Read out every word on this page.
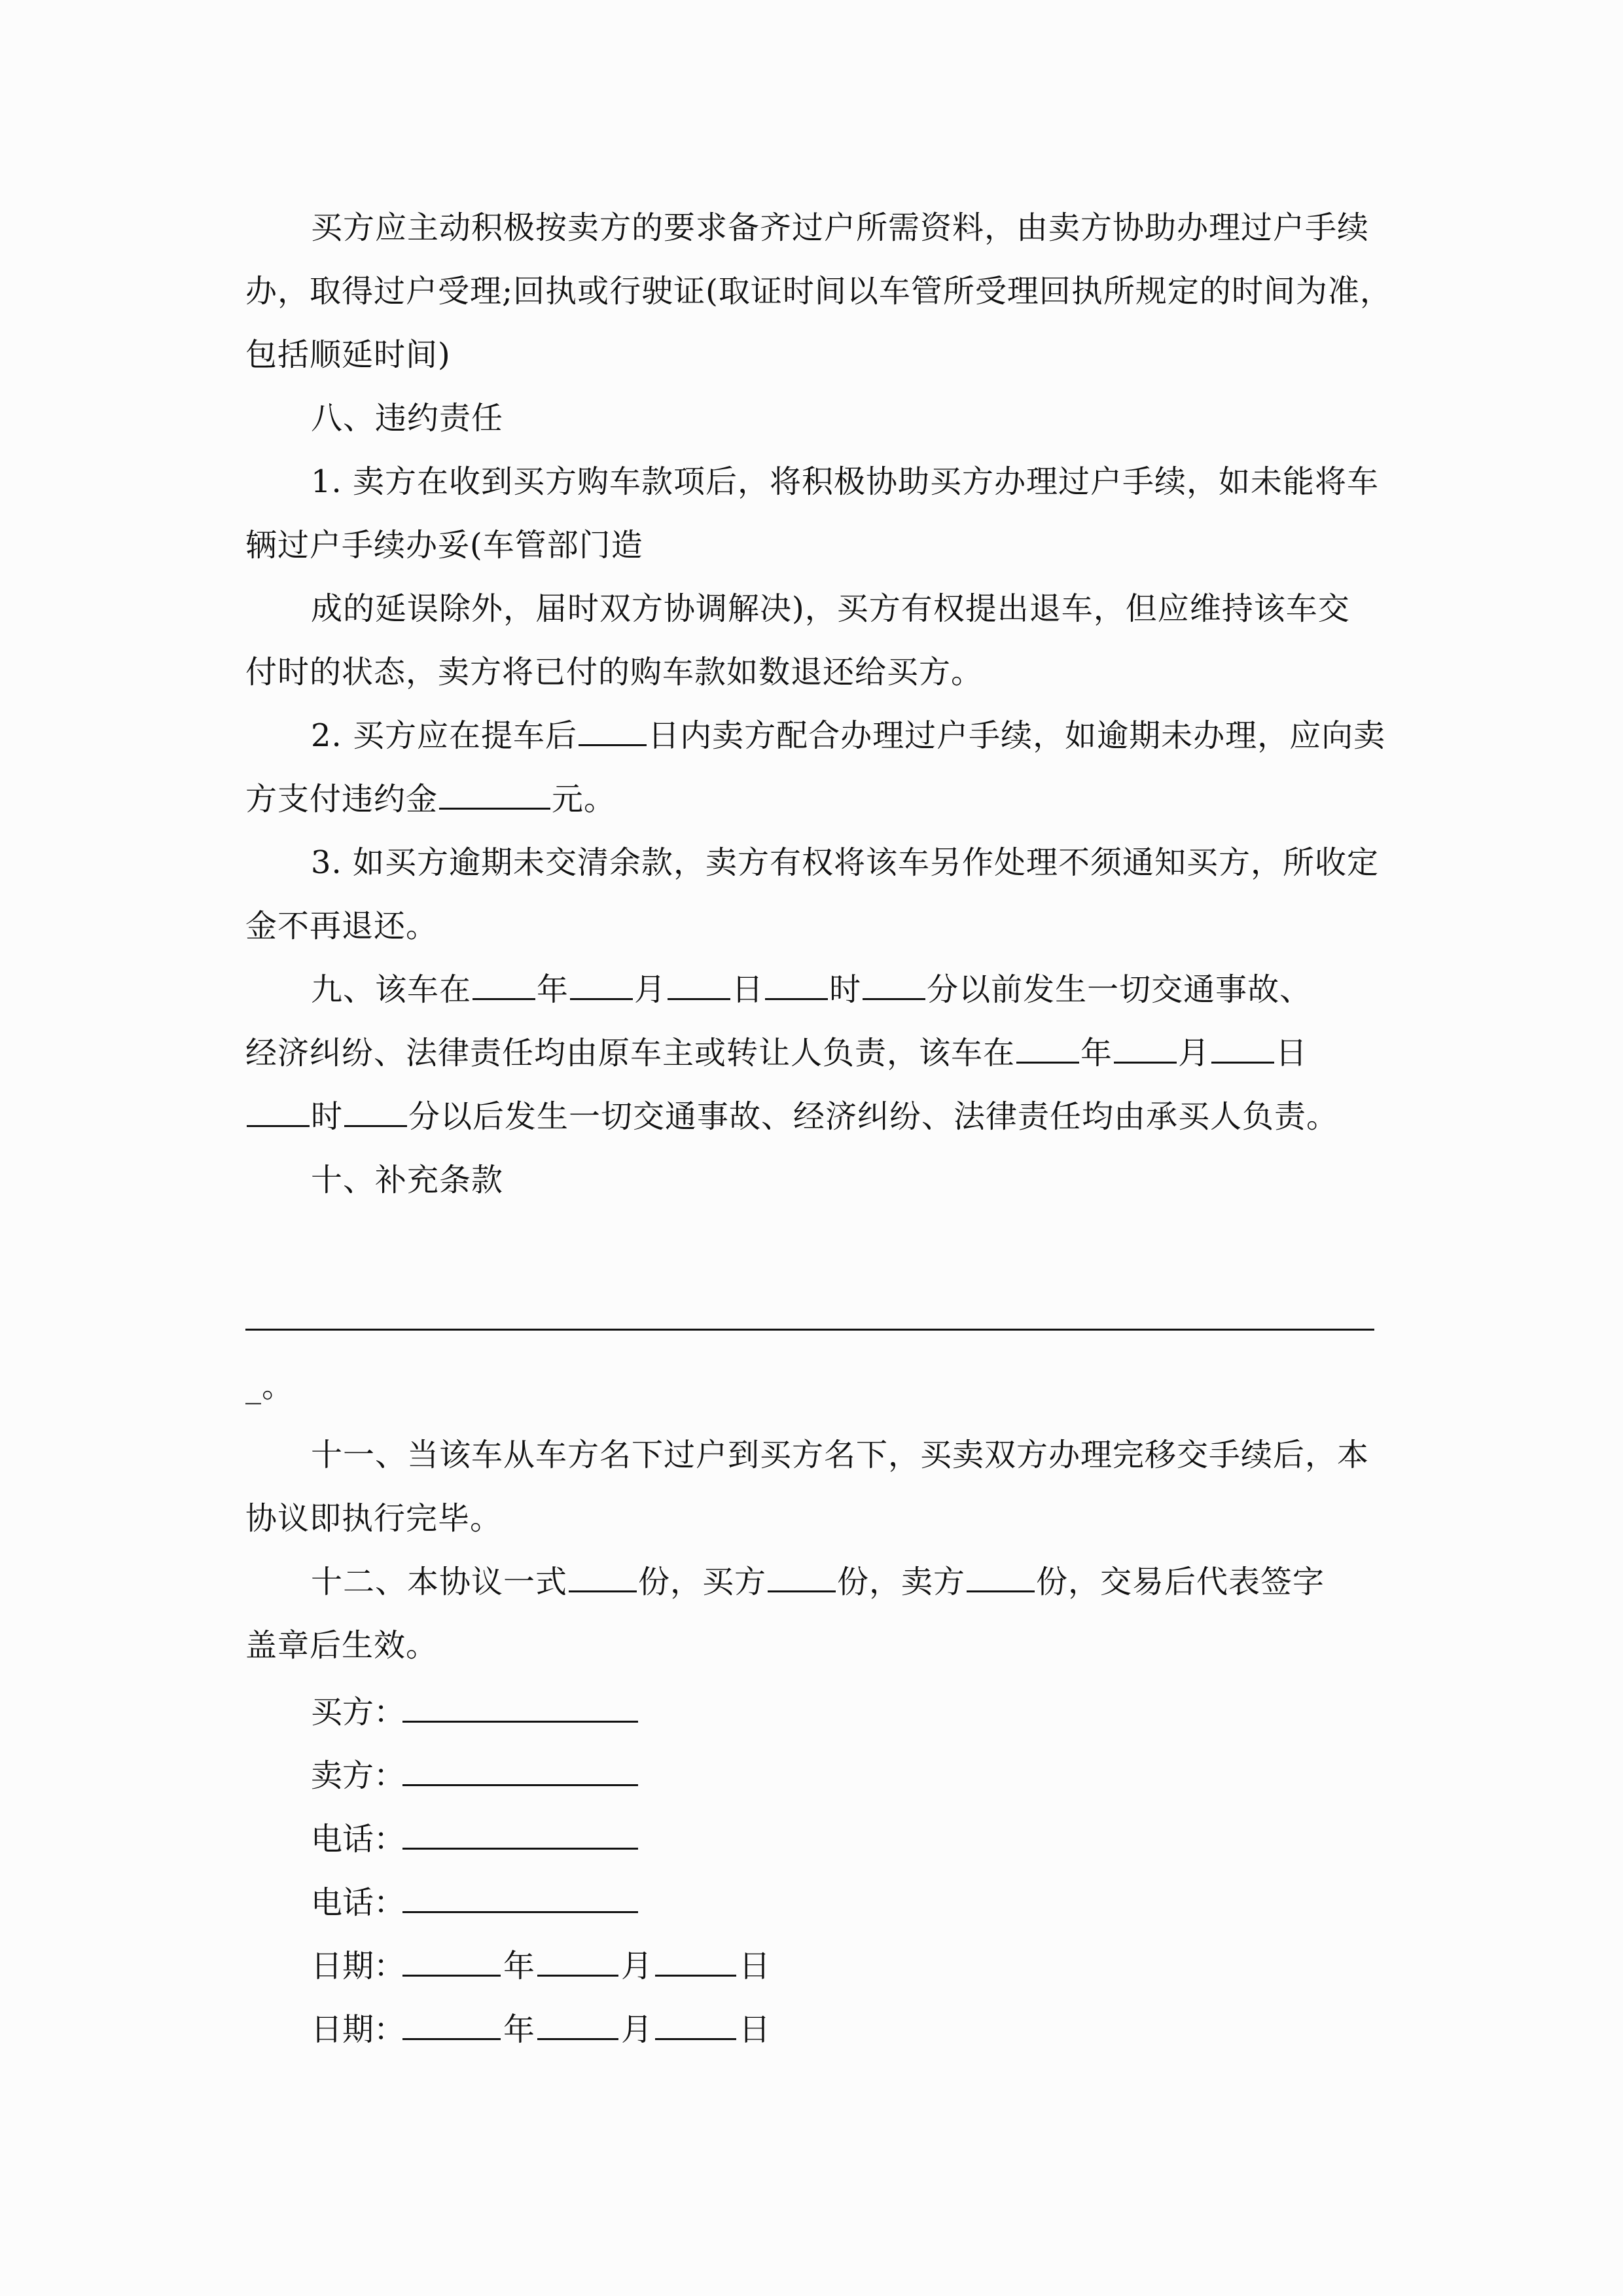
买方应主动积极按卖方的要求备齐过户所需资料，由卖方协助办理过户手续
办，取得过户受理;回执或行驶证(取证时间以车管所受理回执所规定的时间为准，
包括顺延时间)
八、违约责任
1. 卖方在收到买方购车款项后，将积极协助买方办理过户手续，如未能将车
辆过户手续办妥(车管部门造
成的延误除外，届时双方协调解决)，买方有权提出退车，但应维持该车交
付时的状态，卖方将已付的购车款如数退还给买方。
2. 买方应在提车后 日内卖方配合办理过户手续，如逾期未办理，应向卖
方支付违约金	元。
3. 如买方逾期未交清余款，卖方有权将该车另作处理不须通知买方，所收定
金不再退还。
九、该车在 年 月 日 时 分以前发生一切交通事故、
经济纠纷、法律责任均由原车主或转让人负责，该车在 年 月 日
时 分以后发生一切交通事故、经济纠纷、法律责任均由承买人负责。
十、补充条款
_。
十一、当该车从车方名下过户到买方名下，买卖双方办理完移交手续后，本
协议即执行完毕。
十二、本协议一式 份，买方 份，卖方 份，交易后代表签字
盖章后生效。
买方：
卖方：
电话：
电话：
日期：	年	月	日
日期：	年	月	日
